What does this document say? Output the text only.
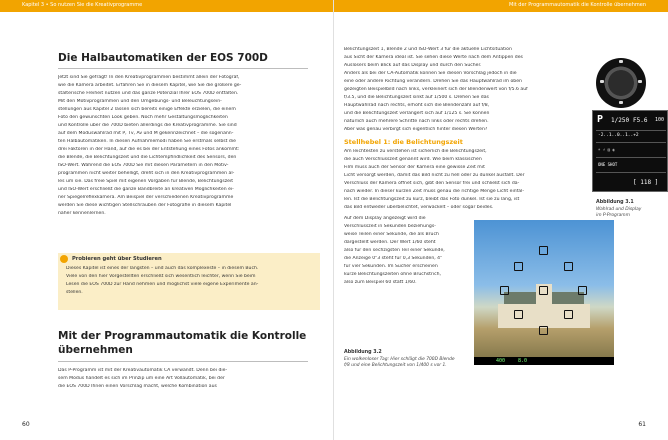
Kapitel 3 • So nutzen Sie die Kreativprogramme
Die Halbautomatiken der EOS 700D
Jetzt sind Sie gefragt! In den Kreativprogrammen bestimmt allein der Fotograf,
wie die Kamera arbeitet. Erfahren Sie in diesem Kapitel, wie Sie die größere ge-
stalterische Freiheit nutzen und das ganze Potenzial Ihrer EOS 700D entfalten.
Mit den Motivprogrammen und den Umgebungs- und Beleuchtungsein-
stellungen aus Kapitel 2 lassen sich bereits einige Effekte erzielen, die einem
Foto den gewünschten Look geben. Noch mehr Gestaltungsmöglichkeiten
und Kontrolle über die 700D bieten allerdings die Kreativprogramme. Sie sind
auf dem Moduswahlrad mit P, Tv, Av und M gekennzeichnet – die sogenann-
ten Halbautomatiken. In diesen Aufnahmemodi haben Sie erstmals selbst die
drei Faktoren in der Hand, auf die es bei der Entstehung eines Fotos ankommt:
die Blende, die Belichtungszeit und die Lichtempfindlichkeit des Sensors, den
ISO-Wert. Während die EOS 700D Sie mit diesen Parametern in den Motiv-
programmen nicht weiter behelligt, dreht sich in den Kreativprogrammen al-
les um sie. Das freie Spiel mit eigenen Vorgaben für Blende, Belichtungszeit
und ISO-Wert erschließt die ganze Bandbreite an kreativen Möglichkeiten ei-
ner Spiegelreflexkamera. Am Beispiel der verschiedenen Kreativprogramme
werden Sie diese wichtigen Stellschrauben der Fotografie in diesem Kapitel
näher kennenlernen.
Probieren geht über Studieren
Dieses Kapitel ist eines der längsten – und auch das komplexeste – in diesem Buch.
Viele von den hier Vorgestellten erschließt sich wesentlich leichter, wenn Sie beim
Lesen die EOS 700D zur Hand nehmen und möglichst viele eigene Experimente an-
stellen.
Mit der Programmautomatik die Kontrolle
übernehmen
Das P-Programm ist mit der Kreativautomatik CA verwandt. Denn bei die-
sem Modus handelt es sich im Prinzip um eine Art Vollautomatik, bei der
die EOS 700D Ihnen einen Vorschlag macht, welche Kombination aus
60
Mit der Programmautomatik die Kontrolle übernehmen
Belichtungszeit 1, Blende 2 und ISO-Wert 3 für die aktuelle Lichtsituation
aus Sicht der Kamera ideal ist. Sie sehen diese Werte nach dem Antippen des
Auslösers beim Blick auf das Display und durch den Sucher.
Anders als bei der CA-Automatik können Sie diesen Vorschlag jedoch in die
eine oder andere Richtung verändern. Drehen Sie das Hauptwahlrad im oben
gezeigten Beispielbild nach links, verkleinert sich der Blendenwert von f/5.6 auf
f/3.5, und die Belichtungszeit sinkt auf 1/500 s. Drehen Sie das
Hauptwahlrad nach rechts, erhöht sich die Blendenzahl auf f/8,
und die Belichtungszeit verlängert sich auf 1/125 s. Sie können
natürlich auch mehrere Schritte nach links oder rechts drehen.
Aber was genau verbirgt sich eigentlich hinter diesen Werten?
Stellhebel 1: die Belichtungszeit
Am leichtesten zu verstehen ist sicherlich die Belichtungszeit,
die auch Verschlusszeit genannt wird. Wie beim klassischen
Film muss auch der Sensor der Kamera eine gewisse Zeit mit
Licht versorgt werden, damit das Bild nicht zu hell oder zu dunkel ausfällt. Der
Verschluss der Kamera öffnet sich, gibt den Sensor frei und schließt sich da-
nach wieder. In dieser kurzen Zeit muss genau die richtige Menge Licht einfal-
len. Ist die Belichtungszeit zu kurz, bleibt das Foto dunkel. Ist sie zu lang, ist
das Bild entweder überbelichtet, verwackelt – oder sogar beides.
Auf dem Display angezeigt wird die
Verschlusszeit in Sekunden beziehungs-
weise Teilen einer Sekunde, die als Bruch
dargestellt werden. Der Wert 1/60 steht
also für den sechzigsten Teil einer Sekunde,
die Anzeige 0"3 steht für 0,3 Sekunden, 4"
für vier Sekunden. Im Sucher erscheinen
kurze Belichtungszeiten ohne Bruchstrich,
also zum Beispiel 60 statt 1/60.
P 1/250 F5.6 100
-2..1..0..1..+2
☀ ⚡ ▤ ◐
ONE SHOT
[ 118 ]
Abbildung 3.1
Wahlrad und Display
im P-Programm
400	8.0
Abbildung 3.2
Ein wolkenloser Tag: Hier schlägt die 700D Blende
f/8 und eine Belichtungszeit von 1/400 s vor 1.
61
